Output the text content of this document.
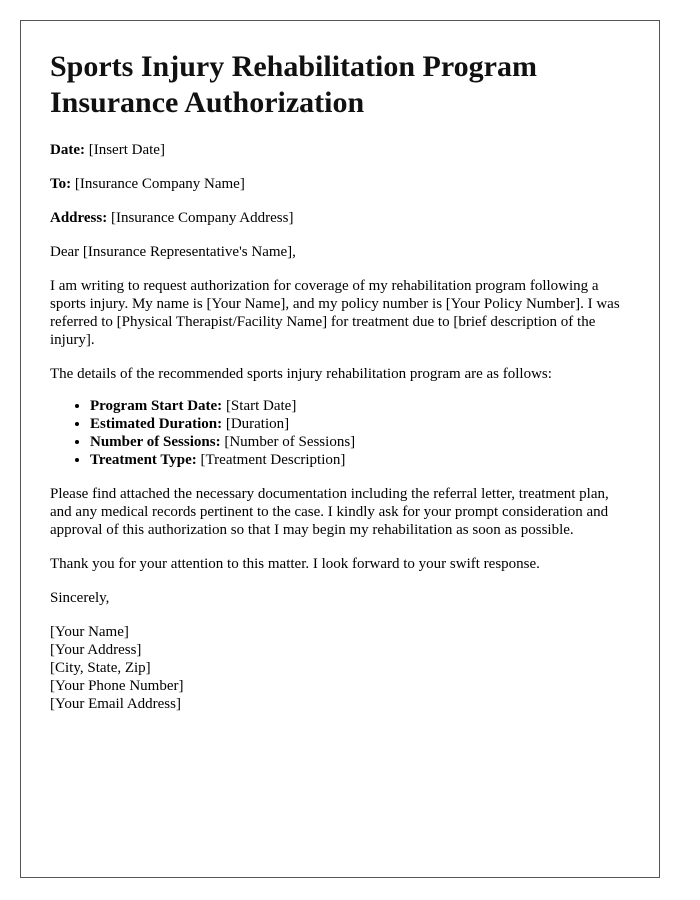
Sports Injury Rehabilitation Program Insurance Authorization

Date: [Insert Date]

To: [Insurance Company Name]

Address: [Insurance Company Address]

Dear [Insurance Representative's Name],

I am writing to request authorization for coverage of my rehabilitation program following a sports injury. My name is [Your Name], and my policy number is [Your Policy Number]. I was referred to [Physical Therapist/Facility Name] for treatment due to [brief description of the injury].

The details of the recommended sports injury rehabilitation program are as follows:

• Program Start Date: [Start Date]
• Estimated Duration: [Duration]
• Number of Sessions: [Number of Sessions]
• Treatment Type: [Treatment Description]

Please find attached the necessary documentation including the referral letter, treatment plan, and any medical records pertinent to the case. I kindly ask for your prompt consideration and approval of this authorization so that I may begin my rehabilitation as soon as possible.

Thank you for your attention to this matter. I look forward to your swift response.

Sincerely,

[Your Name]
[Your Address]
[City, State, Zip]
[Your Phone Number]
[Your Email Address]
